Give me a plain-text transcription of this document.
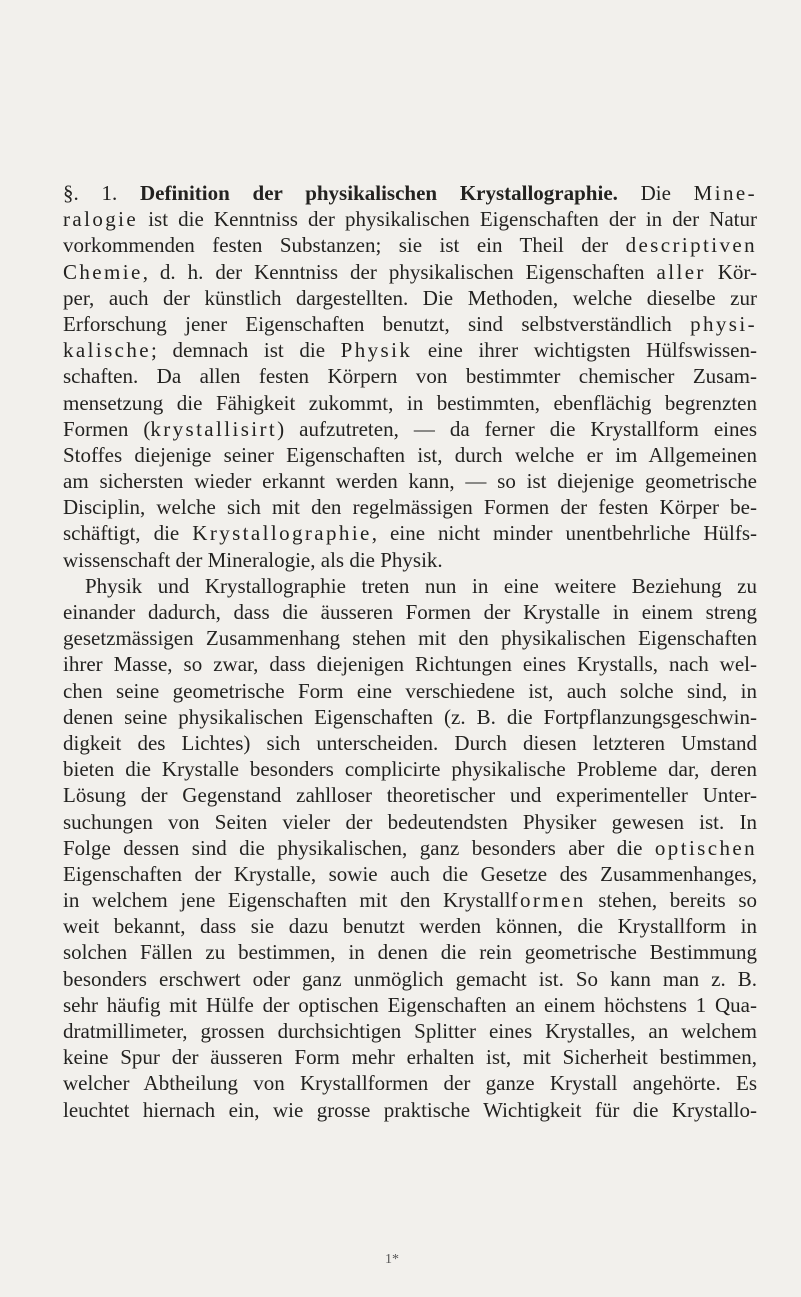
§. 1. Definition der physikalischen Krystallographie. Die Mine-
ralogie ist die Kenntniss der physikalischen Eigenschaften der in der Natur
vorkommenden festen Substanzen; sie ist ein Theil der descriptiven
Chemie, d. h. der Kenntniss der physikalischen Eigenschaften aller Kör-
per, auch der künstlich dargestellten. Die Methoden, welche dieselbe zur
Erforschung jener Eigenschaften benutzt, sind selbstverständlich physi-
kalische; demnach ist die Physik eine ihrer wichtigsten Hülfswissen-
schaften. Da allen festen Körpern von bestimmter chemischer Zusam-
mensetzung die Fähigkeit zukommt, in bestimmten, ebenflächig begrenzten
Formen (krystallisirt) aufzutreten, — da ferner die Krystallform eines
Stoffes diejenige seiner Eigenschaften ist, durch welche er im Allgemeinen
am sichersten wieder erkannt werden kann, — so ist diejenige geometrische
Disciplin, welche sich mit den regelmässigen Formen der festen Körper be-
schäftigt, die Krystallographie, eine nicht minder unentbehrliche Hülfs-
wissenschaft der Mineralogie, als die Physik.
Physik und Krystallographie treten nun in eine weitere Beziehung zu
einander dadurch, dass die äusseren Formen der Krystalle in einem streng
gesetzmässigen Zusammenhang stehen mit den physikalischen Eigenschaften
ihrer Masse, so zwar, dass diejenigen Richtungen eines Krystalls, nach wel-
chen seine geometrische Form eine verschiedene ist, auch solche sind, in
denen seine physikalischen Eigenschaften (z. B. die Fortpflanzungsgeschwin-
digkeit des Lichtes) sich unterscheiden. Durch diesen letzteren Umstand
bieten die Krystalle besonders complicirte physikalische Probleme dar, deren
Lösung der Gegenstand zahlloser theoretischer und experimenteller Unter-
suchungen von Seiten vieler der bedeutendsten Physiker gewesen ist. In
Folge dessen sind die physikalischen, ganz besonders aber die optischen
Eigenschaften der Krystalle, sowie auch die Gesetze des Zusammenhanges,
in welchem jene Eigenschaften mit den Krystallformen stehen, bereits so
weit bekannt, dass sie dazu benutzt werden können, die Krystallform in
solchen Fällen zu bestimmen, in denen die rein geometrische Bestimmung
besonders erschwert oder ganz unmöglich gemacht ist. So kann man z. B.
sehr häufig mit Hülfe der optischen Eigenschaften an einem höchstens 1 Qua-
dratmillimeter, grossen durchsichtigen Splitter eines Krystalles, an welchem
keine Spur der äusseren Form mehr erhalten ist, mit Sicherheit bestimmen,
welcher Abtheilung von Krystallformen der ganze Krystall angehörte. Es
leuchtet hiernach ein, wie grosse praktische Wichtigkeit für die Krystallo-
1*
